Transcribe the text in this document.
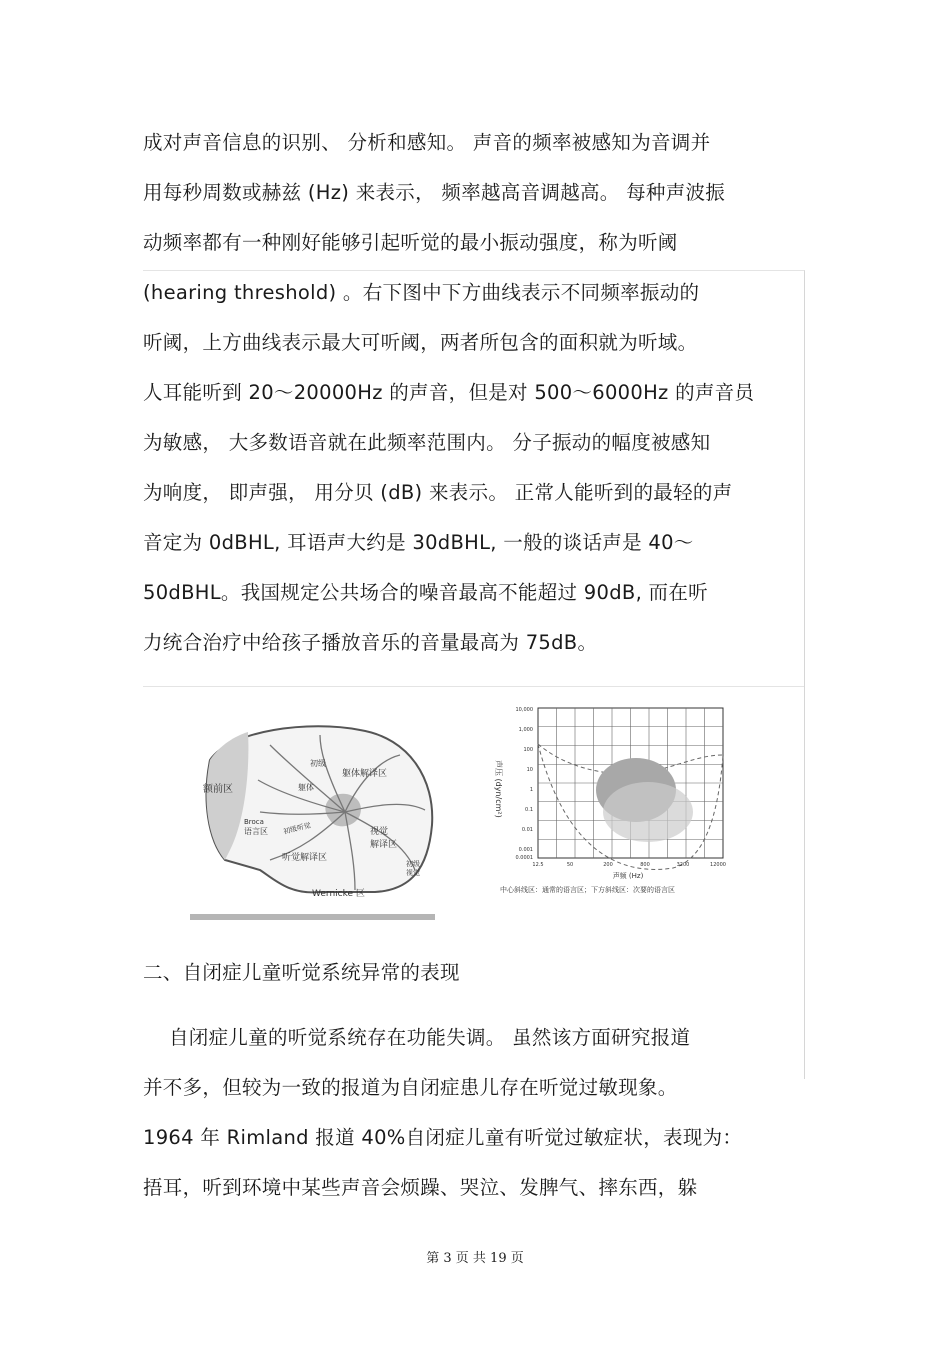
成对声音信息的识别、 分析和感知。 声音的频率被感知为音调并
用每秒周数或赫兹 (Hz) 来表示， 频率越高音调越高。 每种声波振
动频率都有一种刚好能够引起听觉的最小振动强度，称为听阈
(hearing threshold) 。右下图中下方曲线表示不同频率振动的
听阈，上方曲线表示最大可听阈，两者所包含的面积就为听域。
人耳能听到 20～20000Hz 的声音，但是对 500～6000Hz 的声音员
为敏感， 大多数语音就在此频率范围内。 分子振动的幅度被感知
为响度， 即声强， 用分贝 (dB) 来表示。 正常人能听到的最轻的声
音定为 0dBHL, 耳语声大约是 30dBHL, 一般的谈话声是 40～
50dBHL。我国规定公共场合的噪音最高不能超过 90dB, 而在听
力统合治疗中给孩子播放音乐的音量最高为 75dB。
额前区
初级
躯体解译区
躯体
Broca
语言区 初级听觉
听觉解译区
视觉
解译区
初级
视觉
Wernicke 区
10,000
1,000
100
10
1
0.1
0.01
0.001
0.0001
12.5	50	200	800	3200	12000
声压 (dyn/cm²)
声频 (Hz)
中心斜线区：通常的语言区；下方斜线区：次要的语言区
二、自闭症儿童听觉系统异常的表现
自闭症儿童的听觉系统存在功能失调。 虽然该方面研究报道
并不多，但较为一致的报道为自闭症患儿存在听觉过敏现象。
1964 年 Rimland 报道 40%自闭症儿童有听觉过敏症状，表现为：
捂耳，听到环境中某些声音会烦躁、哭泣、发脾气、摔东西，躲
第 3 页 共 19 页
